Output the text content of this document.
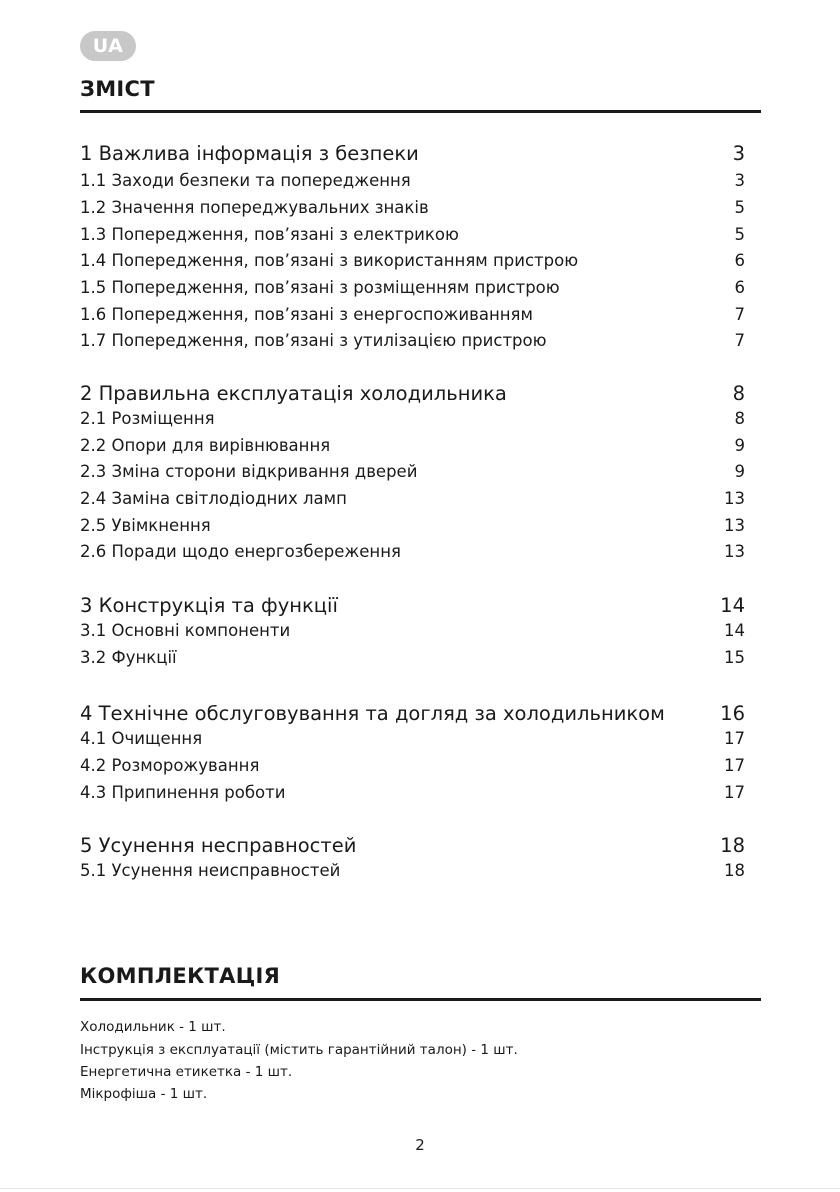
UA
ЗМІСТ
1 Важлива інформація з безпеки	3
1.1 Заходи безпеки та попередження	3
1.2 Значення попереджувальних знаків	5
1.3 Попередження, пов’язані з електрикою	5
1.4 Попередження, пов’язані з використанням пристрою	6
1.5 Попередження, пов’язані з розміщенням пристрою	6
1.6 Попередження, пов’язані з енергоспоживанням	7
1.7 Попередження, пов’язані з утилізацією пристрою	7
2 Правильна експлуатація холодильника	8
2.1 Розміщення	8
2.2 Опори для вирівнювання	9
2.3 Зміна сторони відкривання дверей	9
2.4 Заміна світлодіодних ламп	13
2.5 Увімкнення	13
2.6 Поради щодо енергозбереження	13
3 Конструкція та функції	14
3.1 Основні компоненти	14
3.2 Функції	15
4 Технічне обслуговування та догляд за холодильником	16
4.1 Очищення	17
4.2 Розморожування	17
4.3 Припинення роботи	17
5 Усунення несправностей	18
5.1 Усунення неисправностей	18
КОМПЛЕКТАЦІЯ
Холодильник - 1 шт.
Інструкція з експлуатації (містить гарантійний талон) - 1 шт.
Енергетична етикетка - 1 шт.
Мікрофіша - 1 шт.
2
